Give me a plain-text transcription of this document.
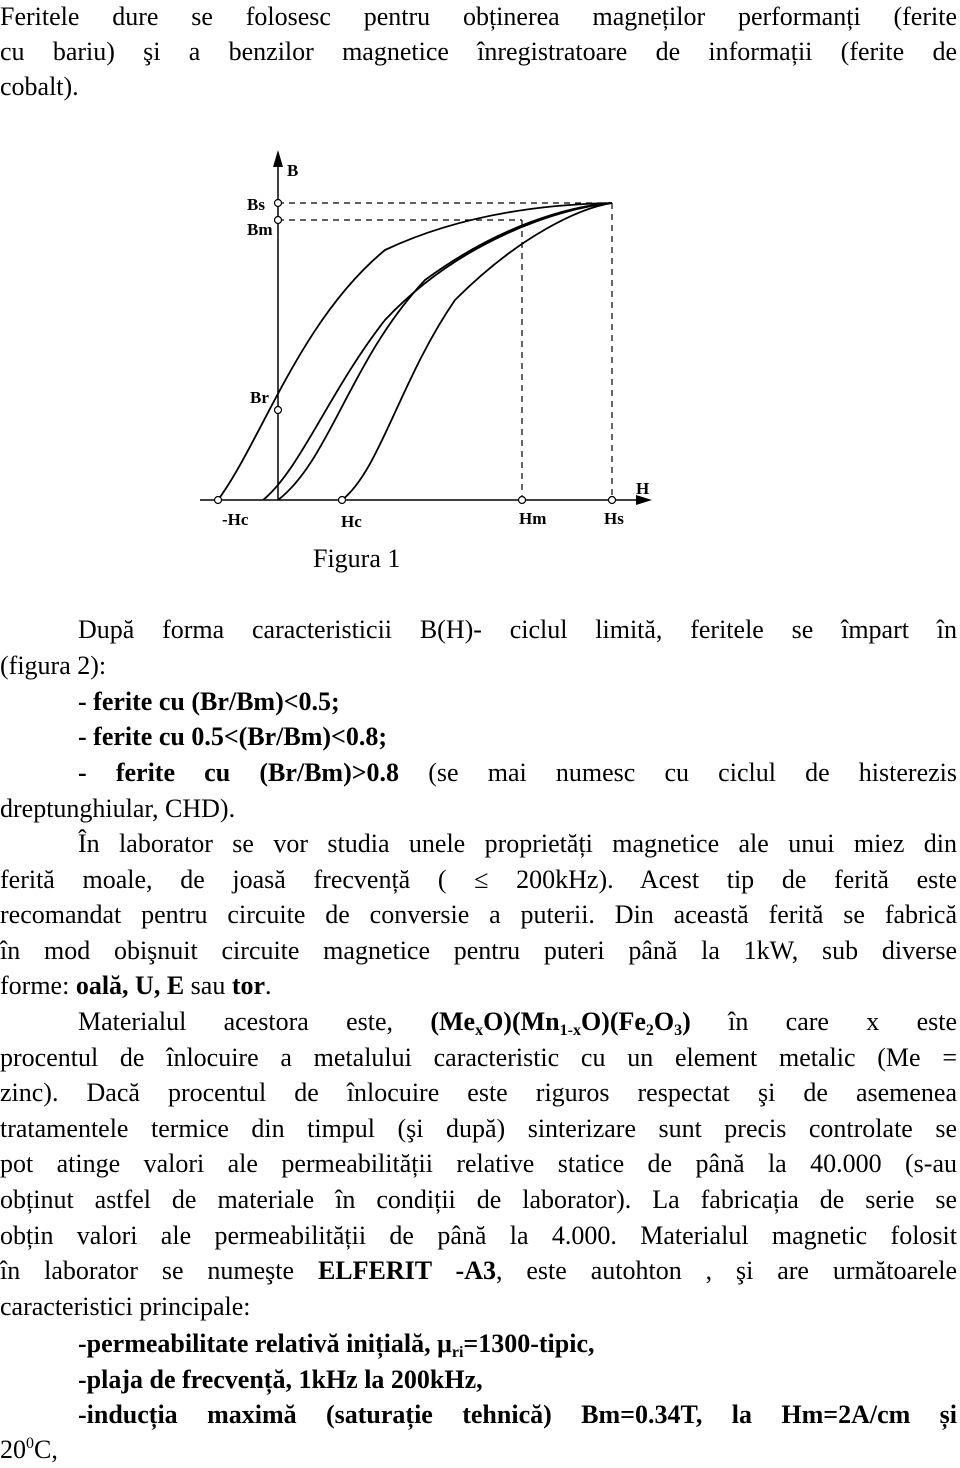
Feritele dure se folosesc pentru obținerea magneților performanți (ferite
cu bariu) şi a benzilor magnetice înregistratoare de informații (ferite de
cobalt).
B
Bs
Bm
Br
H
-Hc	Hc	Hm	Hs
Figura 1
După forma caracteristicii B(H)- ciclul limită, feritele se împart în
(figura 2):
- ferite cu (Br/Bm)<0.5;
- ferite cu 0.5<(Br/Bm)<0.8;
- ferite cu (Br/Bm)>0.8 (se mai numesc cu ciclul de histerezis
dreptunghiular, CHD).
În laborator se vor studia unele proprietăți magnetice ale unui miez din
ferită moale, de joasă frecvență ( ≤ 200kHz). Acest tip de ferită este
recomandat pentru circuite de conversie a puterii. Din această ferită se fabrică
în mod obişnuit circuite magnetice pentru puteri până la 1kW, sub diverse
forme: oală, U, E sau tor.
Materialul acestora este, $(Me_xO)(Mn_{1-x}O)(Fe_2O_3)$ în care x este
procentul de înlocuire a metalului caracteristic cu un element metalic (Me =
zinc). Dacă procentul de înlocuire este riguros respectat şi de asemenea
tratamentele termice din timpul (şi după) sinterizare sunt precis controlate se
pot atinge valori ale permeabilității relative statice de până la 40.000 (s-au
obținut astfel de materiale în condiții de laborator). La fabricația de serie se
obțin valori ale permeabilității de până la 4.000. Materialul magnetic folosit
în laborator se numeşte ELFERIT -A3, este autohton , şi are următoarele
caracteristici principale:
-permeabilitate relativă inițială, $\mu_{ri}=1300$-tipic,
-plaja de frecvență, 1kHz la 200kHz,
-inducția maximă (saturație tehnică) Bm=0.34T, la Hm=2A/cm și
$20^0C$,
